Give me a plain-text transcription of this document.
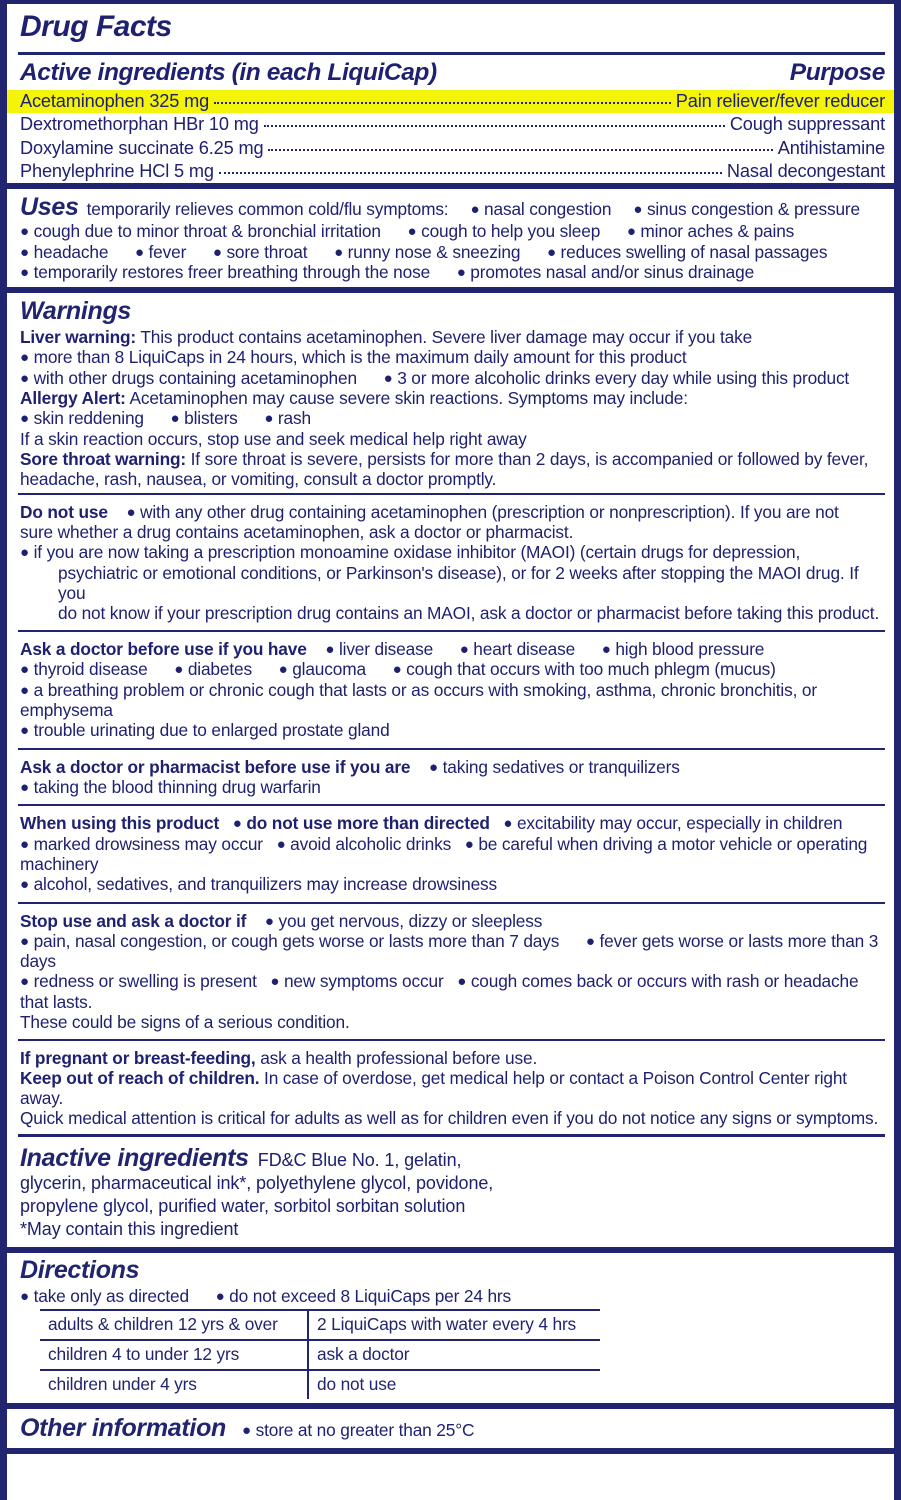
Drug Facts
Active ingredients (in each LiquiCap)	Purpose
Acetaminophen 325 mg	Pain reliever/fever reducer
Dextromethorphan HBr 10 mg	Cough suppressant
Doxylamine succinate 6.25 mg	Antihistamine
Phenylephrine HCl 5 mg	Nasal decongestant
Uses temporarily relieves common cold/flu symptoms: ●
nasal congestion ●
sinus congestion & pressure
● cough due to minor throat & bronchial irritation ● cough to help you sleep ● minor aches & pains
● headache ● fever ● sore throat ● runny nose & sneezing ● reduces swelling of nasal passages
● temporarily restores freer breathing through the nose ● promotes nasal and/or sinus drainage
Warnings
Liver warning: This product contains acetaminophen. Severe liver damage may occur if you take
● more than 8 LiquiCaps in 24 hours, which is the maximum daily amount for this product
● with other drugs containing acetaminophen ● 3 or more alcoholic drinks every day while using this product
Allergy Alert: Acetaminophen may cause severe skin reactions. Symptoms may include:
● skin reddening ● blisters ● rash
If a skin reaction occurs, stop use and seek medical help right away
Sore throat warning: If sore throat is severe, persists for more than 2 days, is accompanied or followed by fever,
headache, rash, nausea, or vomiting, consult a doctor promptly.
Do not use ● with any other drug containing acetaminophen (prescription or nonprescription). If you are not
sure whether a drug contains acetaminophen, ask a doctor or pharmacist.
● if you are now taking a prescription monoamine oxidase inhibitor (MAOI) (certain drugs for depression,
psychiatric or emotional conditions, or Parkinson's disease), or for 2 weeks after stopping the MAOI drug. If you
do not know if your prescription drug contains an MAOI, ask a doctor or pharmacist before taking this product.
Ask a doctor before use if you have ● liver disease ● heart disease ● high blood pressure
● thyroid disease ● diabetes ● glaucoma ● cough that occurs with too much phlegm (mucus)
● a breathing problem or chronic cough that lasts or as occurs with smoking, asthma, chronic bronchitis, or emphysema
● trouble urinating due to enlarged prostate gland
Ask a doctor or pharmacist before use if you are ● taking sedatives or tranquilizers
● taking the blood thinning drug warfarin
When using this product ● do not use more than directed ● excitability may occur, especially in children
● marked drowsiness may occur ● avoid alcoholic drinks ● be careful when driving a motor vehicle or operating machinery
● alcohol, sedatives, and tranquilizers may increase drowsiness
Stop use and ask a doctor if ● you get nervous, dizzy or sleepless
● pain, nasal congestion, or cough gets worse or lasts more than 7 days ● fever gets worse or lasts more than 3 days
● redness or swelling is present ● new symptoms occur ● cough comes back or occurs with rash or headache that lasts.
These could be signs of a serious condition.
If pregnant or breast-feeding, ask a health professional before use.
Keep out of reach of children. In case of overdose, get medical help or contact a Poison Control Center right away.
Quick medical attention is critical for adults as well as for children even if you do not notice any signs or symptoms.
Inactive ingredients FD&C Blue No. 1, gelatin,
glycerin, pharmaceutical ink*, polyethylene glycol, povidone,
propylene glycol, purified water, sorbitol sorbitan solution
*May contain this ingredient
Directions
● take only as directed ● do not exceed 8 LiquiCaps per 24 hrs
adults & children 12 yrs & over	2 LiquiCaps with water every 4 hrs
children 4 to under 12 yrs	ask a doctor
children under 4 yrs	do not use
Other information ● store at no greater than 25°C
